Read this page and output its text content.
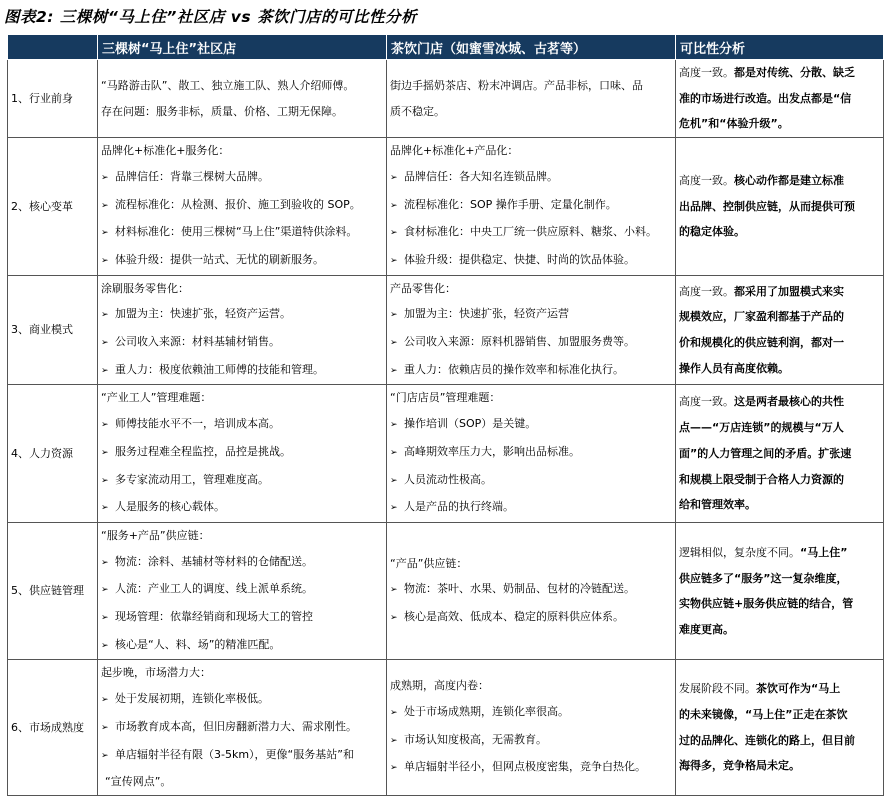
图表2: 三棵树“马上住”社区店 vs 茶饮门店的可比性分析
	三棵树“马上住”社区店	茶饮门店（如蜜雪冰城、古茗等）	可比性分析
1、行业前身	“马路游击队”、散工、独立施工队、熟人介绍师傅。
存在问题：服务非标，质量、价格、工期无保障。	街边手摇奶茶店、粉末冲调店。产品非标，口味、品
质不稳定。	高度一致。都是对传统、分散、缺乏
准的市场进行改造。出发点都是“信
危机”和“体验升级”。

2、核心变革	品牌化+标准化+服务化：
➢ 品牌信任：背靠三棵树大品牌。
➢ 流程标准化：从检测、报价、施工到验收的 SOP。
➢ 材料标准化：使用三棵树“马上住”渠道特供涂料。
➢ 体验升级：提供一站式、无忧的刷新服务。	品牌化+标准化+产品化：
➢ 品牌信任：各大知名连锁品牌。
➢ 流程标准化：SOP 操作手册、定量化制作。
➢ 食材标准化：中央工厂统一供应原料、糖浆、小料。
➢ 体验升级：提供稳定、快捷、时尚的饮品体验。	高度一致。核心动作都是建立标准
出品牌、控制供应链，从而提供可预
的稳定体验。

3、商业模式	涂刷服务零售化：
➢ 加盟为主：快速扩张，轻资产运营。
➢ 公司收入来源：材料基辅材销售。
➢ 重人力：极度依赖油工师傅的技能和管理。	产品零售化：
➢ 加盟为主：快速扩张，轻资产运营
➢ 公司收入来源：原料机器销售、加盟服务费等。
➢ 重人力：依赖店员的操作效率和标准化执行。	高度一致。都采用了加盟模式来实
规模效应，厂家盈利都基于产品的
价和规模化的供应链利润，都对一
操作人员有高度依赖。

4、人力资源	“产业工人”管理难题：
➢ 师傅技能水平不一，培训成本高。
➢ 服务过程难全程监控，品控是挑战。
➢ 多专家流动用工，管理难度高。
➢ 人是服务的核心载体。	“门店店员”管理难题：
➢ 操作培训（SOP）是关键。
➢ 高峰期效率压力大，影响出品标准。
➢ 人员流动性极高。
➢ 人是产品的执行终端。	高度一致。这是两者最核心的共性
点——“万店连锁”的规模与“万人
面”的人力管理之间的矛盾。扩张速
和规模上限受制于合格人力资源的
给和管理效率。

5、供应链管理	“服务+产品”供应链：
➢ 物流：涂料、基辅材等材料的仓储配送。
➢ 人流：产业工人的调度、线上派单系统。
➢ 现场管理：依靠经销商和现场大工的管控
➢ 核心是“人、料、场”的精准匹配。	“产品”供应链：
➢ 物流：茶叶、水果、奶制品、包材的冷链配送。
➢ 核心是高效、低成本、稳定的原料供应体系。	逻辑相似，复杂度不同。“马上住”
供应链多了“服务”这一复杂维度，
实物供应链+服务供应链的结合，管
难度更高。

6、市场成熟度	起步晚，市场潜力大：
➢ 处于发展初期，连锁化率极低。
➢ 市场教育成本高，但旧房翻新潜力大、需求刚性。
➢ 单店辐射半径有限（3-5km），更像“服务基站”和
“宣传网点”。	成熟期，高度内卷：
➢ 处于市场成熟期，连锁化率很高。
➢ 市场认知度极高，无需教育。
➢ 单店辐射半径小，但网点极度密集，竞争白热化。	发展阶段不同。茶饮可作为“马上
的未来镜像，“马上住”正走在茶饮
过的品牌化、连锁化的路上，但目前
海得多，竞争格局未定。
